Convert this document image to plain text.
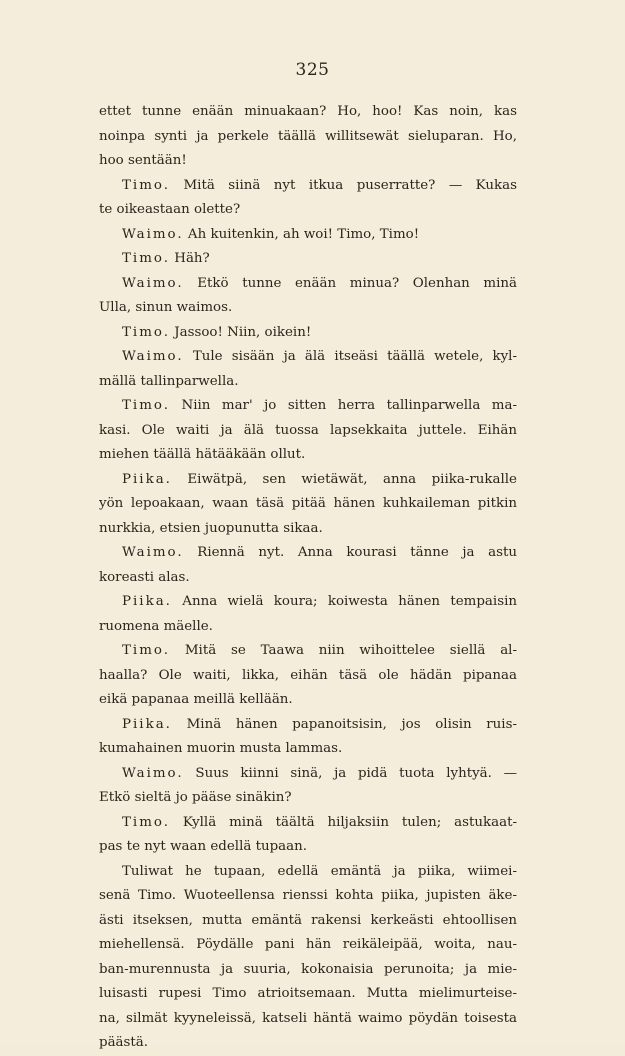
325
ettet tunne enään minuakaan? Ho, hoo! Kas noin, kas
noinpa synti ja perkele täällä willitsewät sieluparan. Ho,
hoo sentään!
Timo. Mitä siinä nyt itkua puserratte? — Kukas
te oikeastaan olette?
Waimo. Ah kuitenkin, ah woi! Timo, Timo!
Timo. Häh?
Waimo. Etkö tunne enään minua? Olenhan minä
Ulla, sinun waimos.
Timo. Jassoo! Niin, oikein!
Waimo. Tule sisään ja älä itseäsi täällä wetele, kyl-
mällä tallinparwella.
Timo. Niin mar' jo sitten herra tallinparwella ma-
kasi. Ole waiti ja älä tuossa lapsekkaita juttele. Eihän
miehen täällä hätääkään ollut.
Piika. Eiwätpä, sen wietäwät, anna piika-rukalle
yön lepoakaan, waan täsä pitää hänen kuhkaileman pitkin
nurkkia, etsien juopunutta sikaa.
Waimo. Riennä nyt. Anna kourasi tänne ja astu
koreasti alas.
Piika. Anna wielä koura; koiwesta hänen tempaisin
ruomena mäelle.
Timo. Mitä se Taawa niin wihoittelee siellä al-
haalla? Ole waiti, likka, eihän täsä ole hädän pipanaa
eikä papanaa meillä kellään.
Piika. Minä hänen papanoitsisin, jos olisin ruis-
kumahainen muorin musta lammas.
Waimo. Suus kiinni sinä, ja pidä tuota lyhtyä. —
Etkö sieltä jo pääse sinäkin?
Timo. Kyllä minä täältä hiljaksiin tulen; astukaat-
pas te nyt waan edellä tupaan.
Tuliwat he tupaan, edellä emäntä ja piika, wiimei-
senä Timo. Wuoteellensa rienssi kohta piika, jupisten äke-
ästi itseksen, mutta emäntä rakensi kerkeästi ehtoollisen
miehellensä. Pöydälle pani hän reikäleipää, woita, nau-
ban-murennusta ja suuria, kokonaisia perunoita; ja mie-
luisasti rupesi Timo atrioitsemaan. Mutta mielimurteise-
na, silmät kyyneleissä, katseli häntä waimo pöydän toisesta
päästä.
